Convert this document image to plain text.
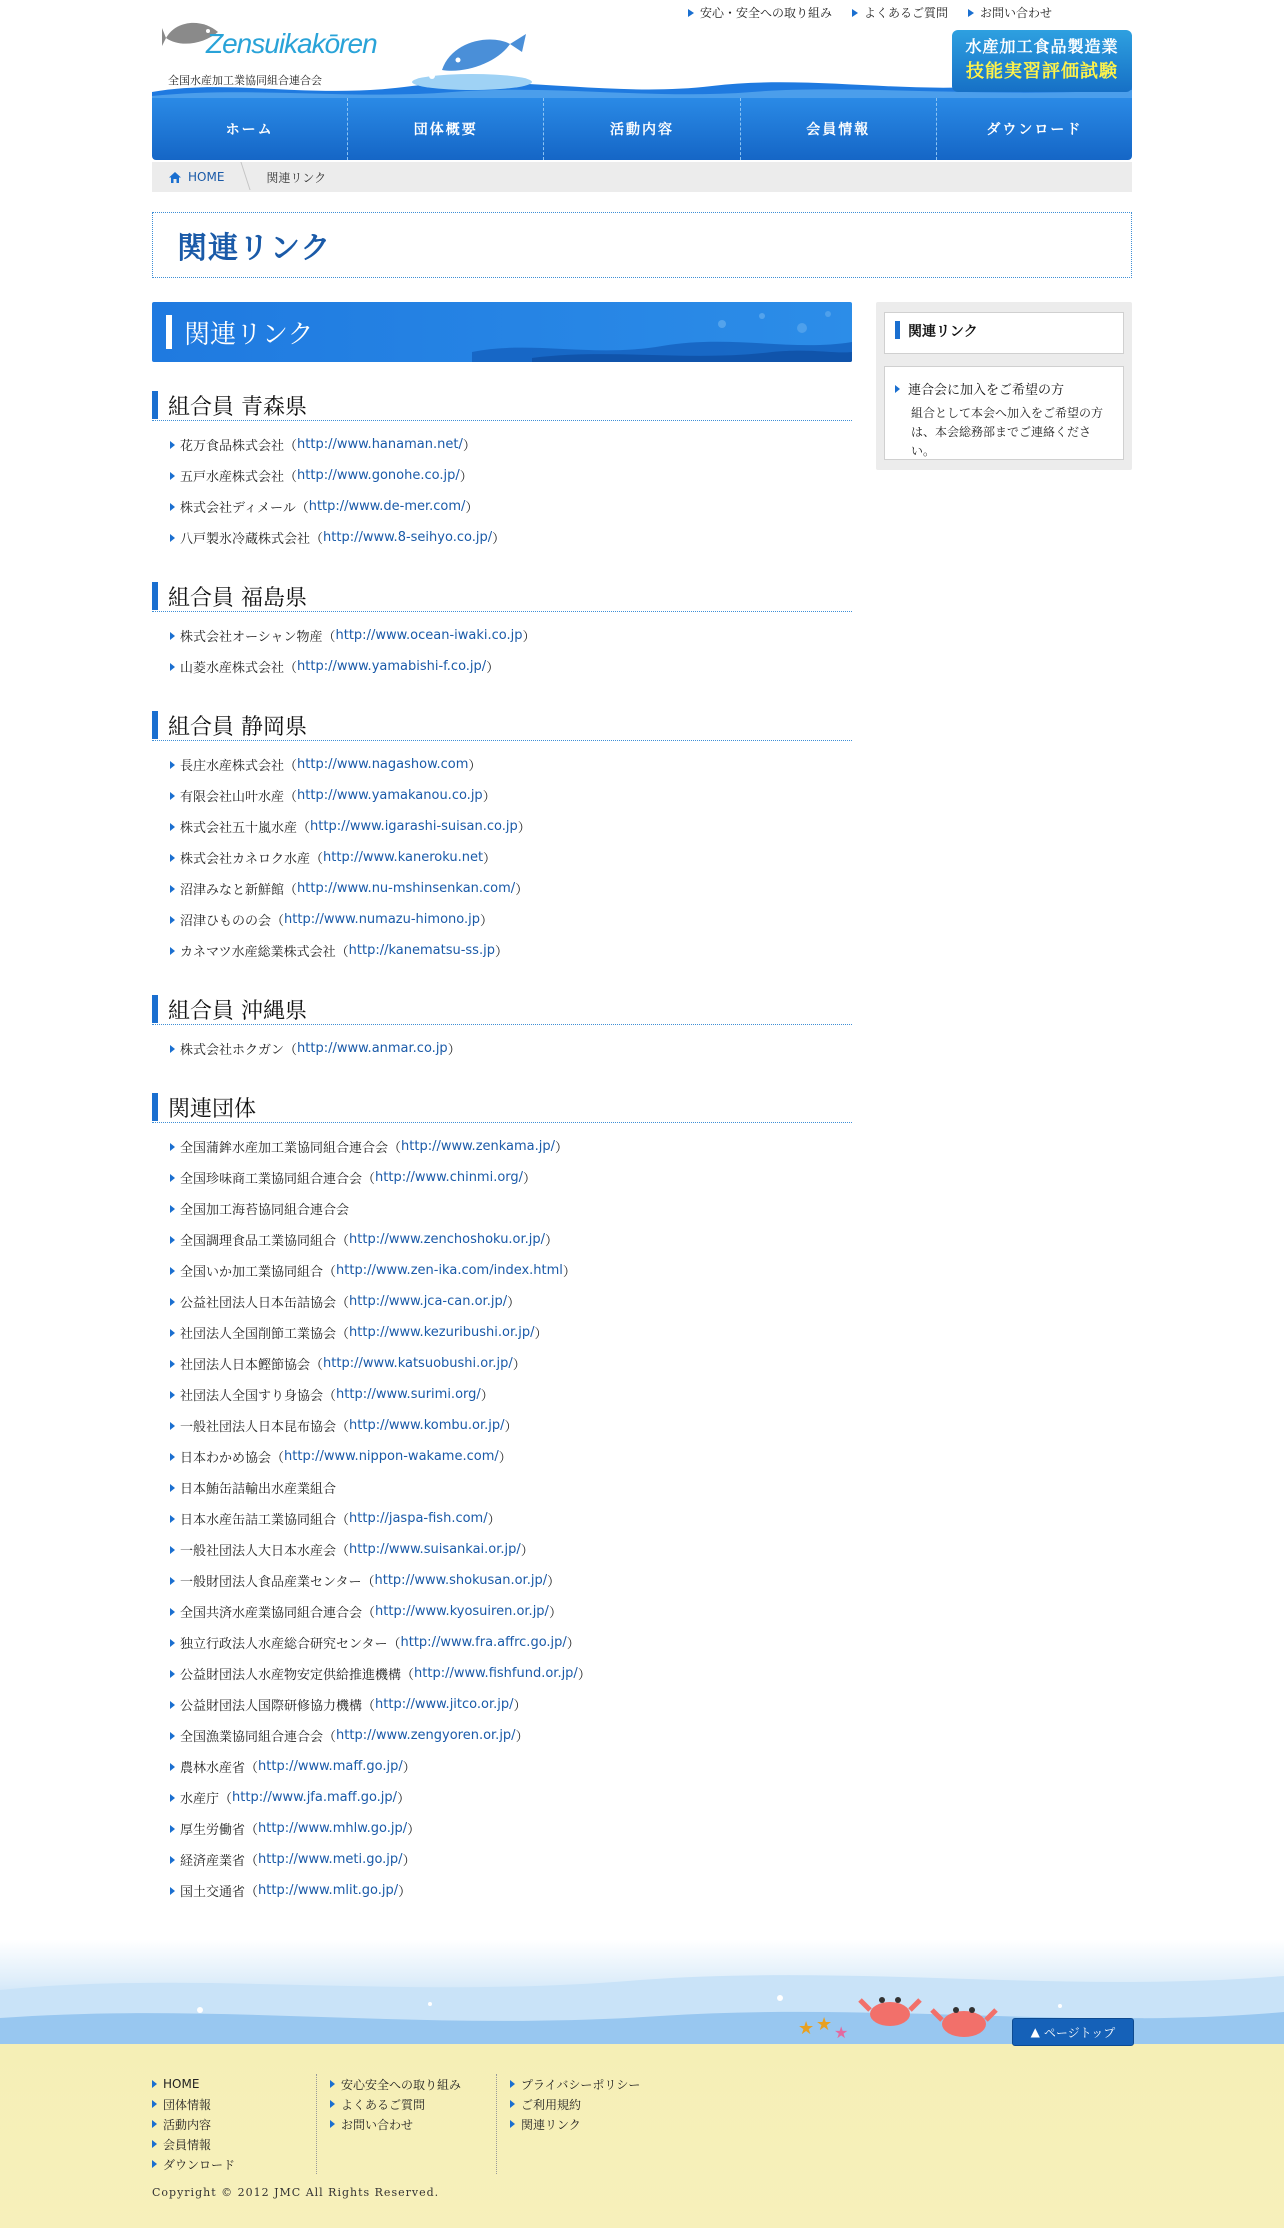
Zensuikakōren
全国水産加工業協同組合連合会
安心・安全への取り組み	よくあるご質問	お問い合わせ
水産加工食品製造業
技能実習評価試験
ホーム	団体概要	活動内容	会員情報	ダウンロード
HOME	関連リンク
関連リンク
関連リンク
組合員 青森県
花万食品株式会社 （ http://www.hanaman.net/ ）
五戸水産株式会社 （ http://www.gonohe.co.jp/ ）
株式会社ディメール （ http://www.de-mer.com/ ）
八戸製氷冷蔵株式会社 （ http://www.8-seihyo.co.jp/ ）
組合員 福島県
株式会社オーシャン物産 （ http://www.ocean-iwaki.co.jp ）
山菱水産株式会社 （ http://www.yamabishi-f.co.jp/ ）
組合員 静岡県
長庄水産株式会社 （ http://www.nagashow.com ）
有限会社山叶水産 （ http://www.yamakanou.co.jp ）
株式会社五十嵐水産 （ http://www.igarashi-suisan.co.jp ）
株式会社カネロク水産 （ http://www.kaneroku.net ）
沼津みなと新鮮館 （ http://www.nu-mshinsenkan.com/ ）
沼津ひものの会 （ http://www.numazu-himono.jp ）
カネマツ水産総業株式会社 （ http://kanematsu-ss.jp ）
組合員 沖縄県
株式会社ホクガン （ http://www.anmar.co.jp ）
関連団体
全国蒲鉾水産加工業協同組合連合会 （ http://www.zenkama.jp/ ）
全国珍味商工業協同組合連合会 （ http://www.chinmi.org/ ）
全国加工海苔協同組合連合会
全国調理食品工業協同組合 （ http://www.zenchoshoku.or.jp/ ）
全国いか加工業協同組合 （ http://www.zen-ika.com/index.html ）
公益社団法人日本缶詰協会 （ http://www.jca-can.or.jp/ ）
社団法人全国削節工業協会 （ http://www.kezuribushi.or.jp/ ）
社団法人日本鰹節協会 （ http://www.katsuobushi.or.jp/ ）
社団法人全国すり身協会 （ http://www.surimi.org/ ）
一般社団法人日本昆布協会 （ http://www.kombu.or.jp/ ）
日本わかめ協会 （ http://www.nippon-wakame.com/ ）
日本鮪缶詰輸出水産業組合
日本水産缶詰工業協同組合 （ http://jaspa-fish.com/ ）
一般社団法人大日本水産会 （ http://www.suisankai.or.jp/ ）
一般財団法人食品産業センター （ http://www.shokusan.or.jp/ ）
全国共済水産業協同組合連合会 （ http://www.kyosuiren.or.jp/ ）
独立行政法人水産総合研究センター （ http://www.fra.affrc.go.jp/ ）
公益財団法人水産物安定供給推進機構 （ http://www.fishfund.or.jp/ ）
公益財団法人国際研修協力機構 （ http://www.jitco.or.jp/ ）
全国漁業協同組合連合会 （ http://www.zengyoren.or.jp/ ）
農林水産省 （ http://www.maff.go.jp/ ）
水産庁 （ http://www.jfa.maff.go.jp/ ）
厚生労働省 （ http://www.mhlw.go.jp/ ）
経済産業省 （ http://www.meti.go.jp/ ）
国土交通省 （ http://www.mlit.go.jp/ ）
関連リンク
連合会に加入をご希望の方
組合として本会へ加入をご希望の方は、本会総務部までご連絡ください。
★ ★ ★	▲ ページトップ
HOME
団体情報
活動内容
会員情報
ダウンロード
安心安全への取り組み
よくあるご質問
お問い合わせ
プライバシーポリシー
ご利用規約
関連リンク
Copyright © 2012 JMC All Rights Reserved.
